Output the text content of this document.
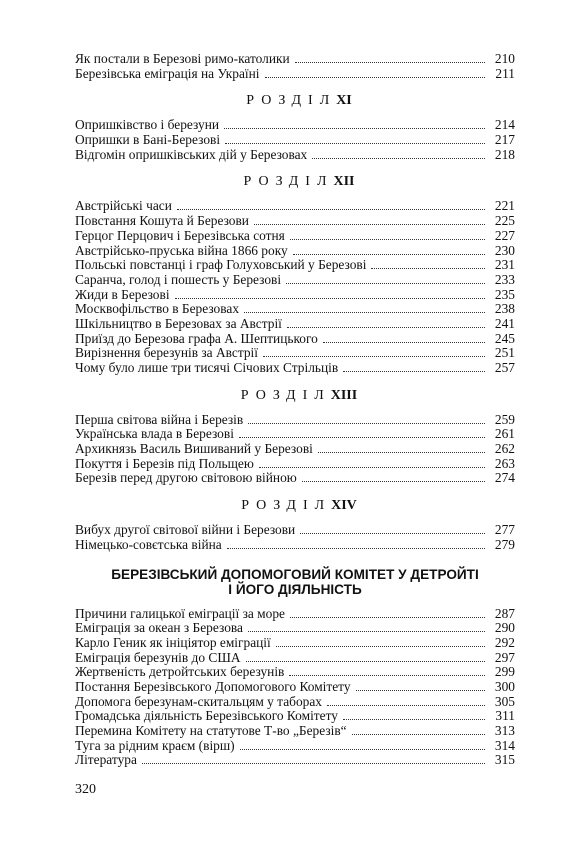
Як постали в Березові римо-католики	210
Березівська еміграція на Україні	211
РОЗДІЛXI
Опришківство і березуни	214
Опришки в Бані-Березові	217
Відгомін опришківських дій у Березовах	218
РОЗДІЛXII
Австрійські часи	221
Повстання Кошута й Березови	225
Герцог Перцович і Березівська сотня	227
Австрійсько-пруська війна 1866 року	230
Польські повстанці і граф Голуховський у Березові	231
Саранча, голод і пошесть у Березові	233
Жиди в Березові	235
Москвофільство в Березовах	238
Шкільництво в Березовах за Австрії	241
Приїзд до Березова графа А. Шептицького	245
Вирізнення березунів за Австрії	251
Чому було лише три тисячі Січових Стрільців	257
РОЗДІЛXIII
Перша світова війна і Березів	259
Українська влада в Березові	261
Архикнязь Василь Вишиваний у Березові	262
Покуття і Березів під Польщею	263
Березів перед другою світовою війною	274
РОЗДІЛXIV
Вибух другої світової війни і Березови	277
Німецько-совєтська війна	279
БЕРЕЗІВСЬКИЙ ДОПОМОГОВИЙ КОМІТЕТ У ДЕТРОЙТІ
І ЙОГО ДІЯЛЬНІСТЬ
Причини галицької еміграції за море	287
Еміграція за океан з Березова	290
Карло Геник як ініціятор еміграції	292
Еміграція березунів до США	297
Жертвеність детройтських березунів	299
Постання Березівського Допомогового Комітету	300
Допомога березунам-скитальцям у таборах	305
Громадська діяльність Березівського Комітету	311
Перемина Комітету на статутове Т-во „Березів“	313
Туга за рідним краєм (вірш)	314
Література	315
320
